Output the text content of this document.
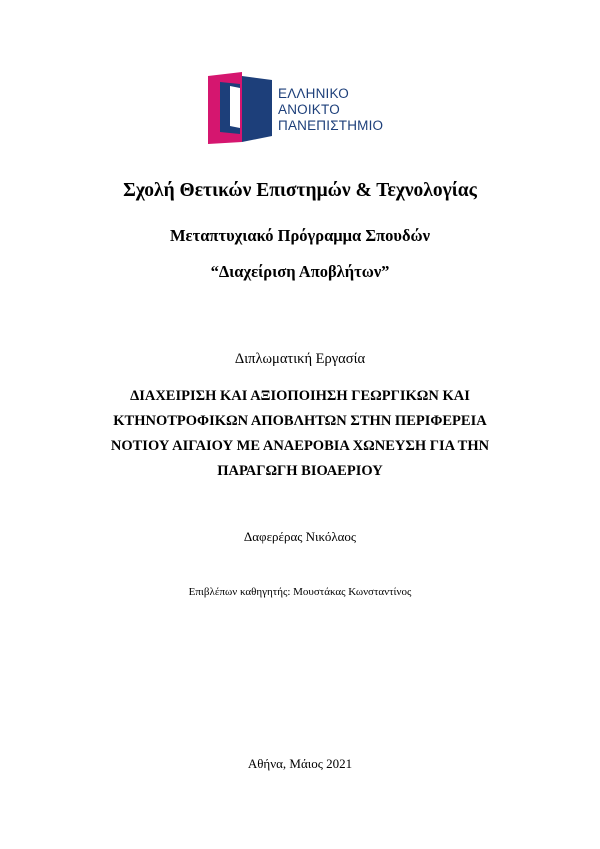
ΕΛΛΗΝΙΚΟ
ΑΝΟΙΚΤΟ
ΠΑΝΕΠΙΣΤΗΜΙΟ
Σχολή Θετικών Επιστημών & Τεχνολογίας
Μεταπτυχιακό Πρόγραμμα Σπουδών
“Διαχείριση Αποβλήτων”
Διπλωματική Εργασία
ΔΙΑΧΕΙΡΙΣΗ ΚΑΙ ΑΞΙΟΠΟΙΗΣΗ ΓΕΩΡΓΙΚΩΝ ΚΑΙ
ΚΤΗΝΟΤΡΟΦΙΚΩΝ ΑΠΟΒΛΗΤΩΝ ΣΤΗΝ ΠΕΡΙΦΕΡΕΙΑ
ΝΟΤΙΟΥ ΑΙΓΑΙΟΥ ΜΕ ΑΝΑΕΡΟΒΙΑ ΧΩΝΕΥΣΗ ΓΙΑ ΤΗΝ
ΠΑΡΑΓΩΓΗ ΒΙΟΑΕΡΙΟΥ
Δαφερέρας Νικόλαος
Επιβλέπων καθηγητής: Μουστάκας Κωνσταντίνος
Αθήνα, Μάιος 2021
